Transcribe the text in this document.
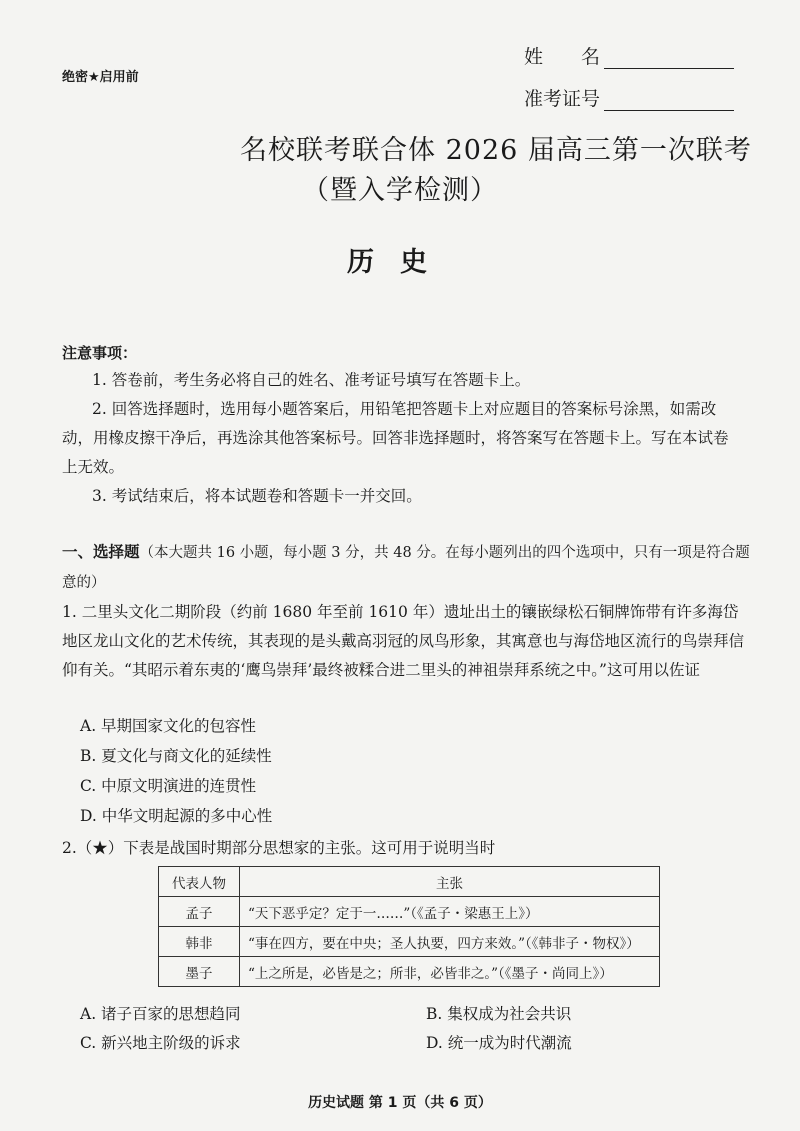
绝密★启用前
姓　　名
准考证号
名校联考联合体 2026 届高三第一次联考
（暨入学检测）
历史
注意事项：
1. 答卷前，考生务必将自己的姓名、准考证号填写在答题卡上。
2. 回答选择题时，选用每小题答案后，用铅笔把答题卡上对应题目的答案标号涂黑，如需改动，用橡皮擦干净后，再选涂其他答案标号。回答非选择题时，将答案写在答题卡上。写在本试卷上无效。
3. 考试结束后，将本试题卷和答题卡一并交回。
一、选择题（本大题共 16 小题，每小题 3 分，共 48 分。在每小题列出的四个选项中，只有一项是符合题意的）
1. 二里头文化二期阶段（约前 1680 年至前 1610 年）遗址出土的镶嵌绿松石铜牌饰带有许多海岱地区龙山文化的艺术传统，其表现的是头戴高羽冠的凤鸟形象，其寓意也与海岱地区流行的鸟崇拜信仰有关。“其昭示着东夷的‘鹰鸟崇拜’最终被糅合进二里头的神祖崇拜系统之中。”这可用以佐证
A. 早期国家文化的包容性
B. 夏文化与商文化的延续性
C. 中原文明演进的连贯性
D. 中华文明起源的多中心性
2.（★）下表是战国时期部分思想家的主张。这可用于说明当时
代表人物	主张
孟子	“天下恶乎定？定于一……”（《孟子・梁惠王上》）
韩非	“事在四方，要在中央；圣人执要，四方来效。”（《韩非子・物权》）
墨子	“上之所是，必皆是之；所非，必皆非之。”（《墨子・尚同上》）
A. 诸子百家的思想趋同	B. 集权成为社会共识
C. 新兴地主阶级的诉求	D. 统一成为时代潮流
历史试题 第 1 页（共 6 页）
